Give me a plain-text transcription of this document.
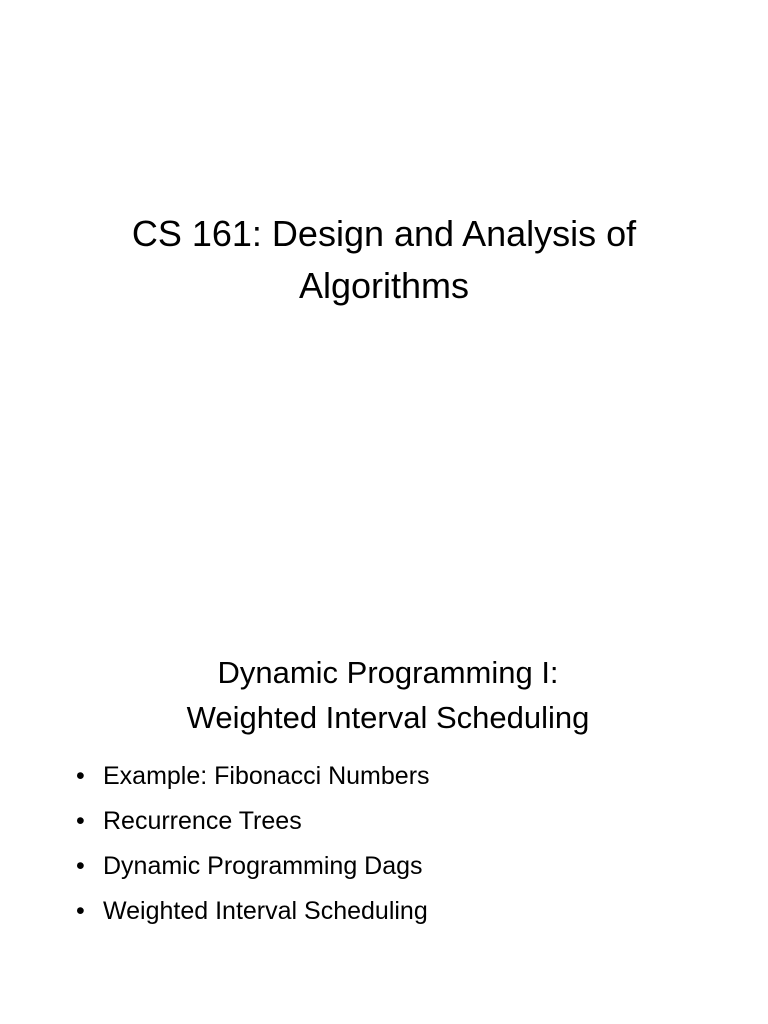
CS 161: Design and Analysis of
Algorithms
Dynamic Programming I:
Weighted Interval Scheduling
• Example: Fibonacci Numbers
• Recurrence Trees
• Dynamic Programming Dags
• Weighted Interval Scheduling
